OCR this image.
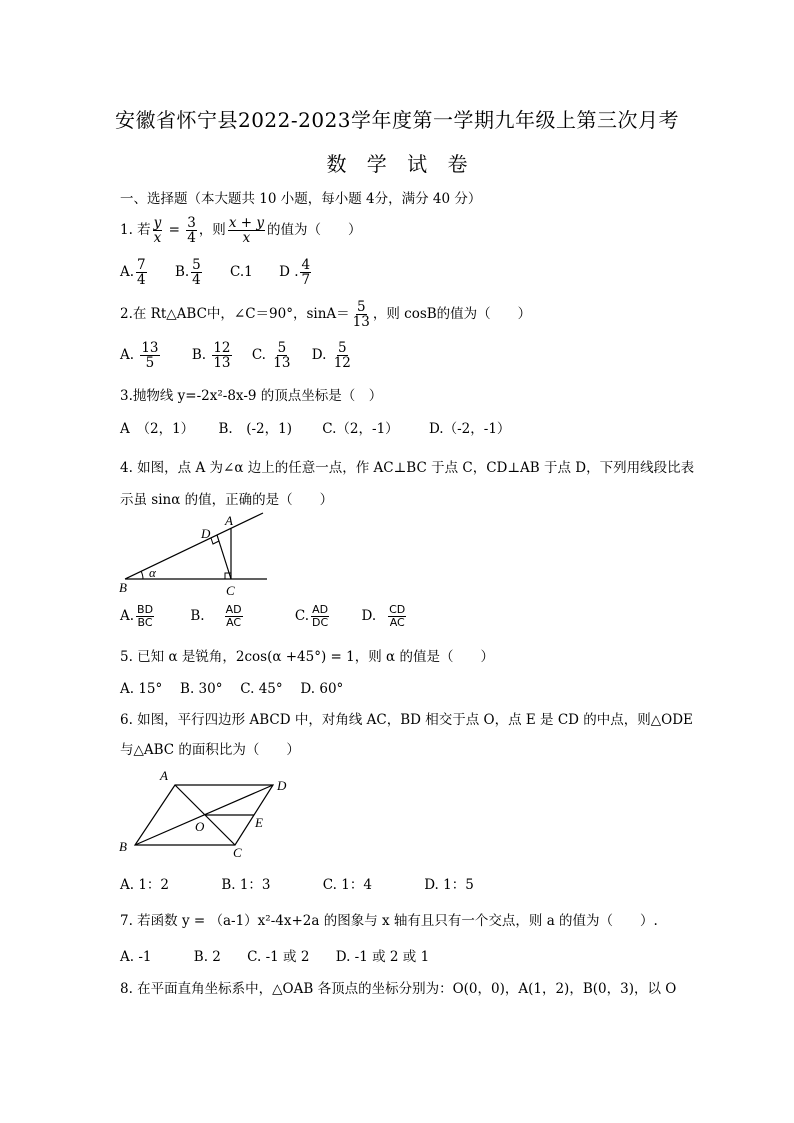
安徽省怀宁县2022-2023学年度第一学期九年级上第三次月考
数 学 试 卷
一、选择题（本大题共 10 小题，每小题 4分，满分 40 分）
1. 若 $\frac{y}{x} = \frac{3}{4}$ ，则 $\frac{x + y}{x}$ 的值为（　　）
A. $\frac{7}{4} B$. $\frac{5}{4} C.1$ D . $\frac{4}{7}$
2.在 Rt△ABC中，∠C＝90°，$\sin A= \frac{5}{13}$ ，则 cosB的值为（　　）
A. $\frac{13}{5} B$. $\frac{12}{13} C$. $\frac{5}{13} D$. $\frac{5}{12}$
3.抛物线 y=-2x²-8x-9 的顶点坐标是（　）
A　（2，1） B.　(-2，1) C.（2，-1） D.（-2，-1）
4. 如图，点 A 为∠α 边上的任意一点，作 AC⊥BC 于点 C，CD⊥AB 于点 D，下列用线段比表
示虽 sinα 的值，正确的是（　　）
A
D
B	C
α
A. $\frac{BD}{BC}$	B. $\frac{AD}{AC}$	C. $\frac{AD}{DC} D$. $\frac{CD}{AC}$
5. 已知 α 是锐角，2cos(α +45°) = 1，则 α 的值是（　　）
A. 15°　 B. 30°　 C. 45°　 D. 60°
6. 如图，平行四边形 ABCD 中，对角线 AC，BD 相交于点 O，点 E 是 CD 的中点，则△ODE
与△ABC 的面积比为（　　）
A
D
B	C
O	E
A. 1：2	B. 1：3	C. 1：4	D. 1：5
7. 若函数 y = （a-1）x²-4x+2a 的图象与 x 轴有且只有一个交点，则 a 的值为（　　）.
A. -1	B. 2 C. -1 或 2 D. -1 或 2 或 1
8. 在平面直角坐标系中，△OAB 各顶点的坐标分别为：O(0，0)，A(1，2)，B(0，3)，以 O
